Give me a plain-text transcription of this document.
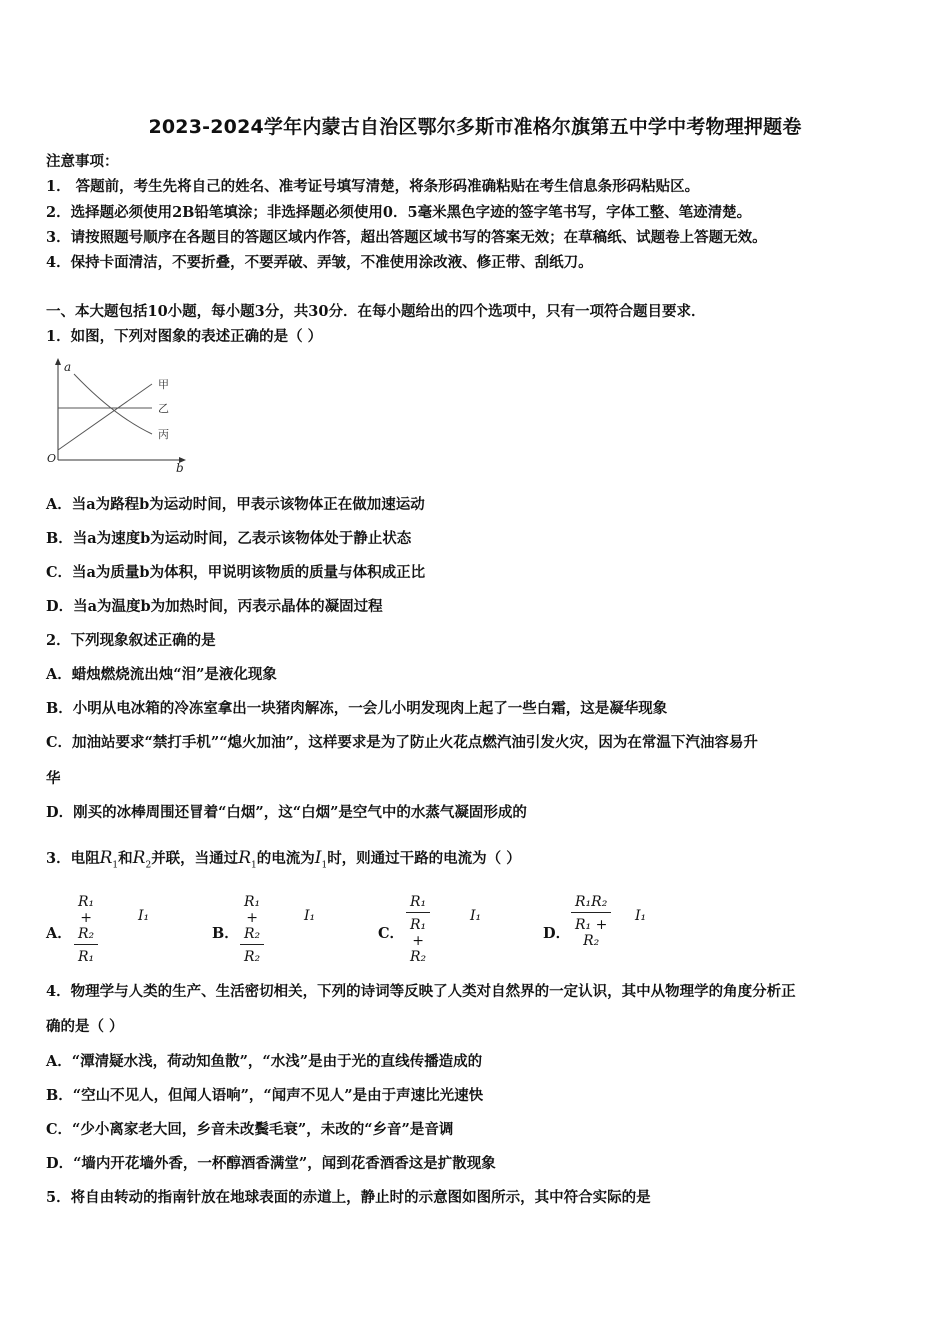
2023-2024学年内蒙古自治区鄂尔多斯市准格尔旗第五中学中考物理押题卷
注意事项：
1． 答题前，考生先将自己的姓名、准考证号填写清楚，将条形码准确粘贴在考生信息条形码粘贴区。
2．选择题必须使用2B铅笔填涂；非选择题必须使用0．5毫米黑色字迹的签字笔书写，字体工整、笔迹清楚。
3．请按照题号顺序在各题目的答题区域内作答，超出答题区域书写的答案无效；在草稿纸、试题卷上答题无效。
4．保持卡面清洁，不要折叠，不要弄破、弄皱，不准使用涂改液、修正带、刮纸刀。
一、本大题包括10小题，每小题3分，共30分．在每小题给出的四个选项中，只有一项符合题目要求．
1．如图，下列对图象的表述正确的是（ ）
a
b
O
甲
乙
丙
A．当a为路程b为运动时间，甲表示该物体正在做加速运动
B．当a为速度b为运动时间，乙表示该物体处于静止状态
C．当a为质量b为体积，甲说明该物质的质量与体积成正比
D．当a为温度b为加热时间，丙表示晶体的凝固过程
2．下列现象叙述正确的是
A．蜡烛燃烧流出烛“泪”是液化现象
B．小明从电冰箱的冷冻室拿出一块猪肉解冻，一会儿小明发现肉上起了一些白霜，这是凝华现象
C．加油站要求“禁打手机”“熄火加油”，这样要求是为了防止火花点燃汽油引发火灾，因为在常温下汽油容易升
华
D．刚买的冰棒周围还冒着“白烟”，这“白烟”是空气中的水蒸气凝固形成的
3．电阻$R_1$和$R_2$并联，当通过$R_1$的电流为$I_1$时，则通过干路的电流为（ ）
A．
R₁ + R₂
R₁
I₁
B．
R₁ + R₂
R₂
I₁
C．
R₁
R₁ + R₂
I₁
D．
R₁R₂
R₁ + R₂
I₁
4．物理学与人类的生产、生活密切相关，下列的诗词等反映了人类对自然界的一定认识，其中从物理学的角度分析正
确的是（ ）
A．“潭清疑水浅，荷动知鱼散”，“水浅”是由于光的直线传播造成的
B．“空山不见人，但闻人语响”，“闻声不见人”是由于声速比光速快
C．“少小离家老大回，乡音未改鬓毛衰”，未改的“乡音”是音调
D．“墙内开花墙外香，一杯醇酒香满堂”，闻到花香酒香这是扩散现象
5．将自由转动的指南针放在地球表面的赤道上，静止时的示意图如图所示，其中符合实际的是
